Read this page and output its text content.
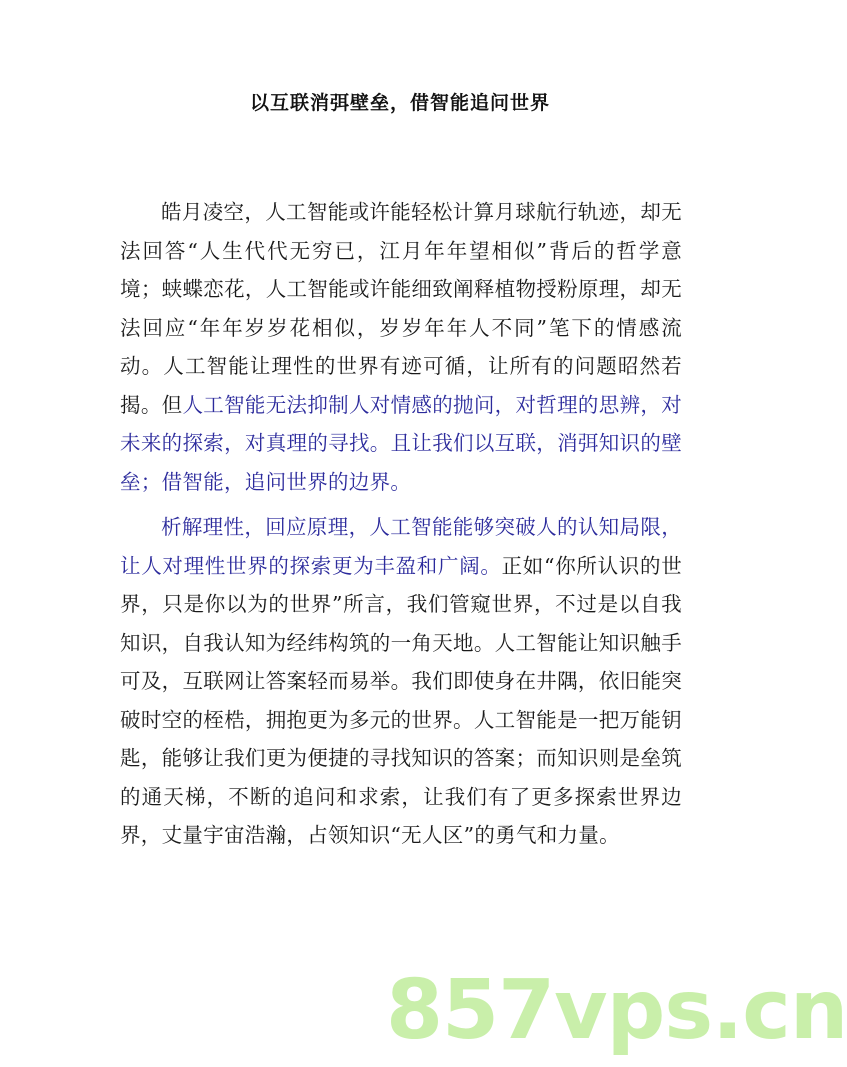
以互联消弭壁垒，借智能追问世界

皓月凌空，人工智能或许能轻松计算月球航行轨迹，却无法回答“人生代代无穷已，江月年年望相似”背后的哲学意境；蛱蝶恋花，人工智能或许能细致阐释植物授粉原理，却无法回应“年年岁岁花相似，岁岁年年人不同”笔下的情感流动。人工智能让理性的世界有迹可循，让所有的问题昭然若揭。但人工智能无法抑制人对情感的抛问，对哲理的思辨，对未来的探索，对真理的寻找。且让我们以互联，消弭知识的壁垒；借智能，追问世界的边界。

析解理性，回应原理，人工智能能够突破人的认知局限，让人对理性世界的探索更为丰盈和广阔。正如“你所认识的世界，只是你以为的世界”所言，我们管窥世界，不过是以自我知识，自我认知为经纬构筑的一角天地。人工智能让知识触手可及，互联网让答案轻而易举。我们即使身在井隅，依旧能突破时空的桎梏，拥抱更为多元的世界。人工智能是一把万能钥匙，能够让我们更为便捷的寻找知识的答案；而知识则是垒筑的通天梯，不断的追问和求索，让我们有了更多探索世界边界，丈量宇宙浩瀚，占领知识“无人区”的勇气和力量。

857vps.cn
